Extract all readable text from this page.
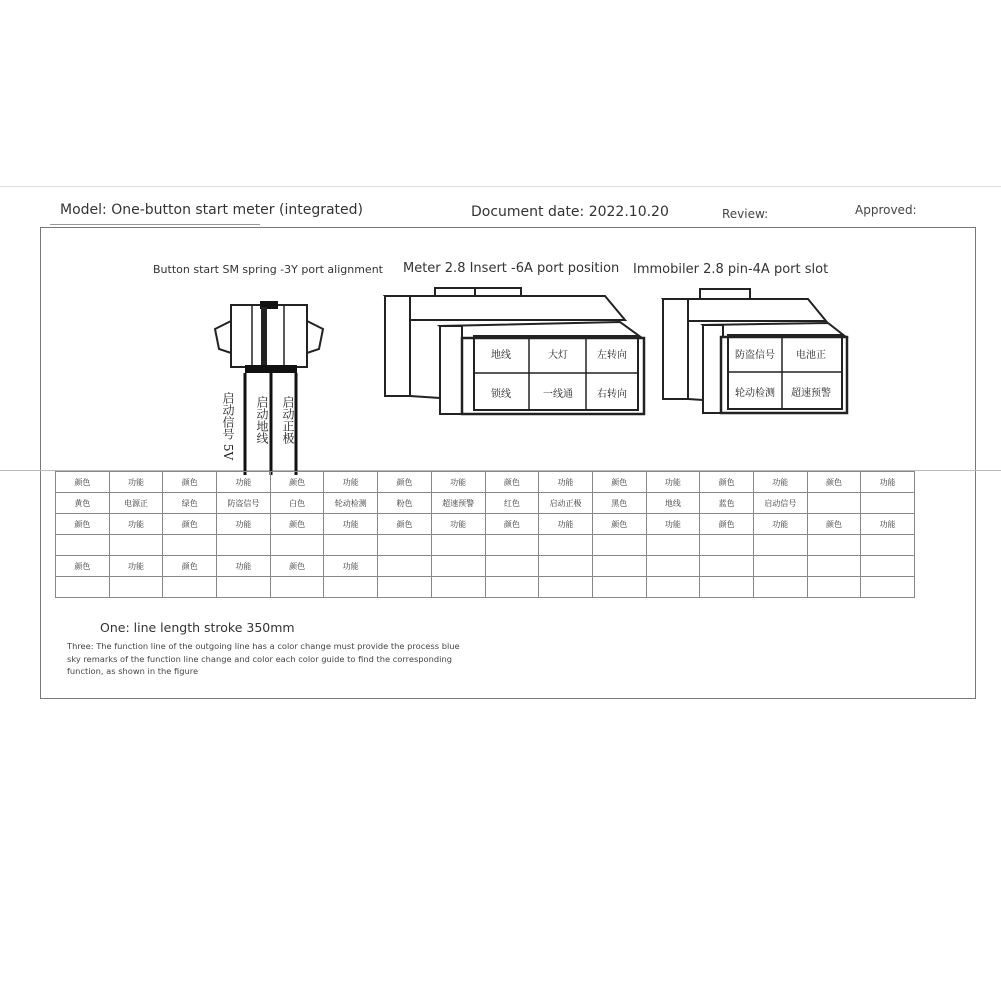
Model: One-button start meter (integrated)	Document date: 2022.10.20	Review:	Approved:
Button start SM spring -3Y port alignment Meter 2.8 Insert -6A port position Immobiler 2.8 pin-4A port slot
启动信号 5V 启动地线 启动正极
地线	大灯	左转向
锁线	一线通 右转向
防盗信号 电池正
轮动检测 超速预警
颜色	功能	颜色	功能	颜色	功能	颜色	功能	颜色	功能	颜色	功能	颜色	功能	颜色	功能
黄色	电源正	绿色	防盗信号	白色	轮动检测	粉色	超速预警	红色	启动正极	黑色	地线	蓝色	启动信号		
颜色	功能	颜色	功能	颜色	功能	颜色	功能	颜色	功能	颜色	功能	颜色	功能	颜色	功能

颜色	功能	颜色	功能	颜色	功能										

One: line length stroke 350mm
Three: The function line of the outgoing line has a color change must provide the process blue sky remarks of the function line change and color each color guide to find the corresponding function, as shown in the figure
